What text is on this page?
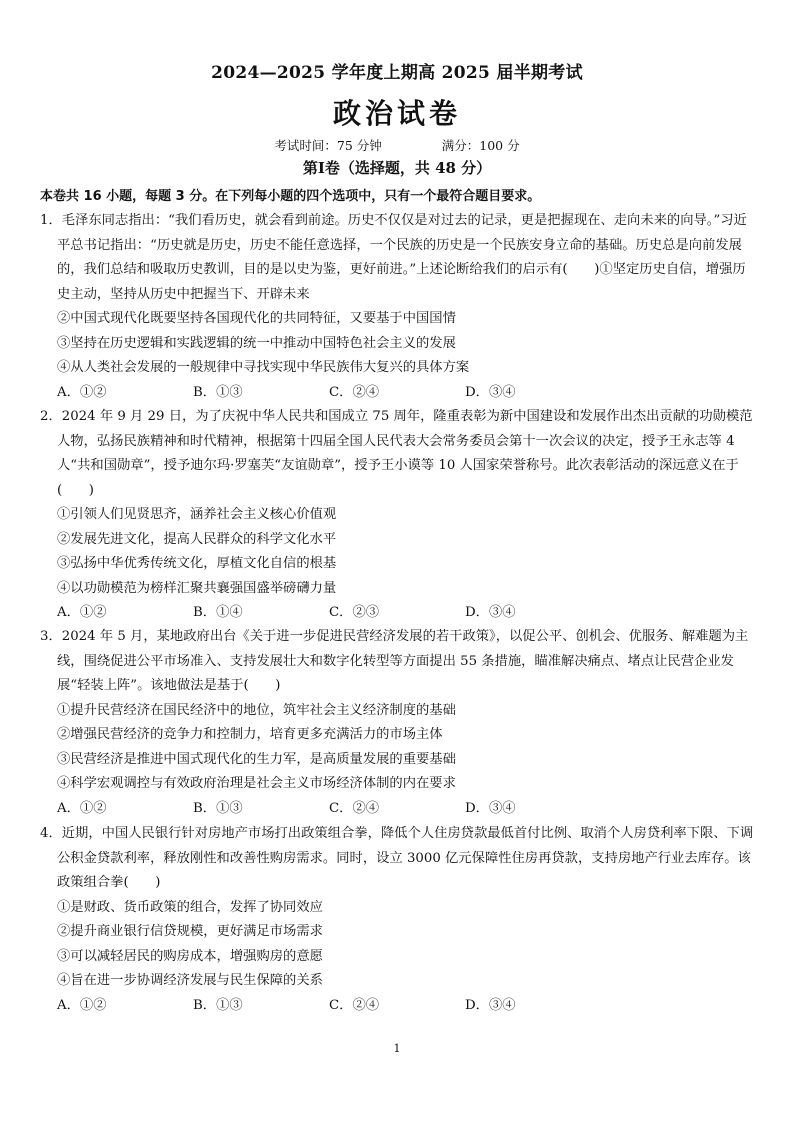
2024—2025 学年度上期高 2025 届半期考试
政治试卷
考试时间：75 分钟	满分：100 分
第Ⅰ卷（选择题，共 48 分）
本卷共 16 小题，每题 3 分。在下列每小题的四个选项中，只有一个最符合题目要求。

1．毛泽东同志指出：“我们看历史，就会看到前途。历史不仅仅是对过去的记录，更是把握现在、走向未来的向导。”习近平总书记指出：“历史就是历史，历史不能任意选择，一个民族的历史是一个民族安身立命的基础。历史总是向前发展的，我们总结和吸取历史教训，目的是以史为鉴，更好前进。”上述论断给我们的启示有(　　)①坚定历史自信，增强历史主动，坚持从历史中把握当下、开辟未来

②中国式现代化既要坚持各国现代化的共同特征，又要基于中国国情

③坚持在历史逻辑和实践逻辑的统一中推动中国特色社会主义的发展

④从人类社会发展的一般规律中寻找实现中华民族伟大复兴的具体方案

A．①②	B．①③	C．②④	D．③④

2．2024 年 9 月 29 日，为了庆祝中华人民共和国成立 75 周年，隆重表彰为新中国建设和发展作出杰出贡献的功勋模范人物，弘扬民族精神和时代精神，根据第十四届全国人民代表大会常务委员会第十一次会议的决定，授予王永志等 4 人“共和国勋章”，授予迪尔玛·罗塞芙“友谊勋章”，授予王小谟等 10 人国家荣誉称号。此次表彰活动的深远意义在于(　　)

①引领人们见贤思齐，涵养社会主义核心价值观

②发展先进文化，提高人民群众的科学文化水平

③弘扬中华优秀传统文化，厚植文化自信的根基

④以功勋模范为榜样汇聚共襄强国盛举磅礴力量

A．①②	B．①④	C．②③	D．③④

3．2024 年 5 月，某地政府出台《关于进一步促进民营经济发展的若干政策》，以促公平、创机会、优服务、解难题为主线，围绕促进公平市场准入、支持发展壮大和数字化转型等方面提出 55 条措施，瞄准解决痛点、堵点让民营企业发展“轻装上阵”。该地做法是基于(　　)

①提升民营经济在国民经济中的地位，筑牢社会主义经济制度的基础

②增强民营经济的竞争力和控制力，培育更多充满活力的市场主体

③民营经济是推进中国式现代化的生力军，是高质量发展的重要基础

④科学宏观调控与有效政府治理是社会主义市场经济体制的内在要求

A．①②	B．①③	C．②④	D．③④

4．近期，中国人民银行针对房地产市场打出政策组合拳，降低个人住房贷款最低首付比例、取消个人房贷利率下限、下调公积金贷款利率，释放刚性和改善性购房需求。同时，设立 3000 亿元保障性住房再贷款，支持房地产行业去库存。该政策组合拳(　　)

①是财政、货币政策的组合，发挥了协同效应

②提升商业银行信贷规模，更好满足市场需求

③可以减轻居民的购房成本，增强购房的意愿

④旨在进一步协调经济发展与民生保障的关系

A．①②	B．①③	C．②④	D．③④
1
